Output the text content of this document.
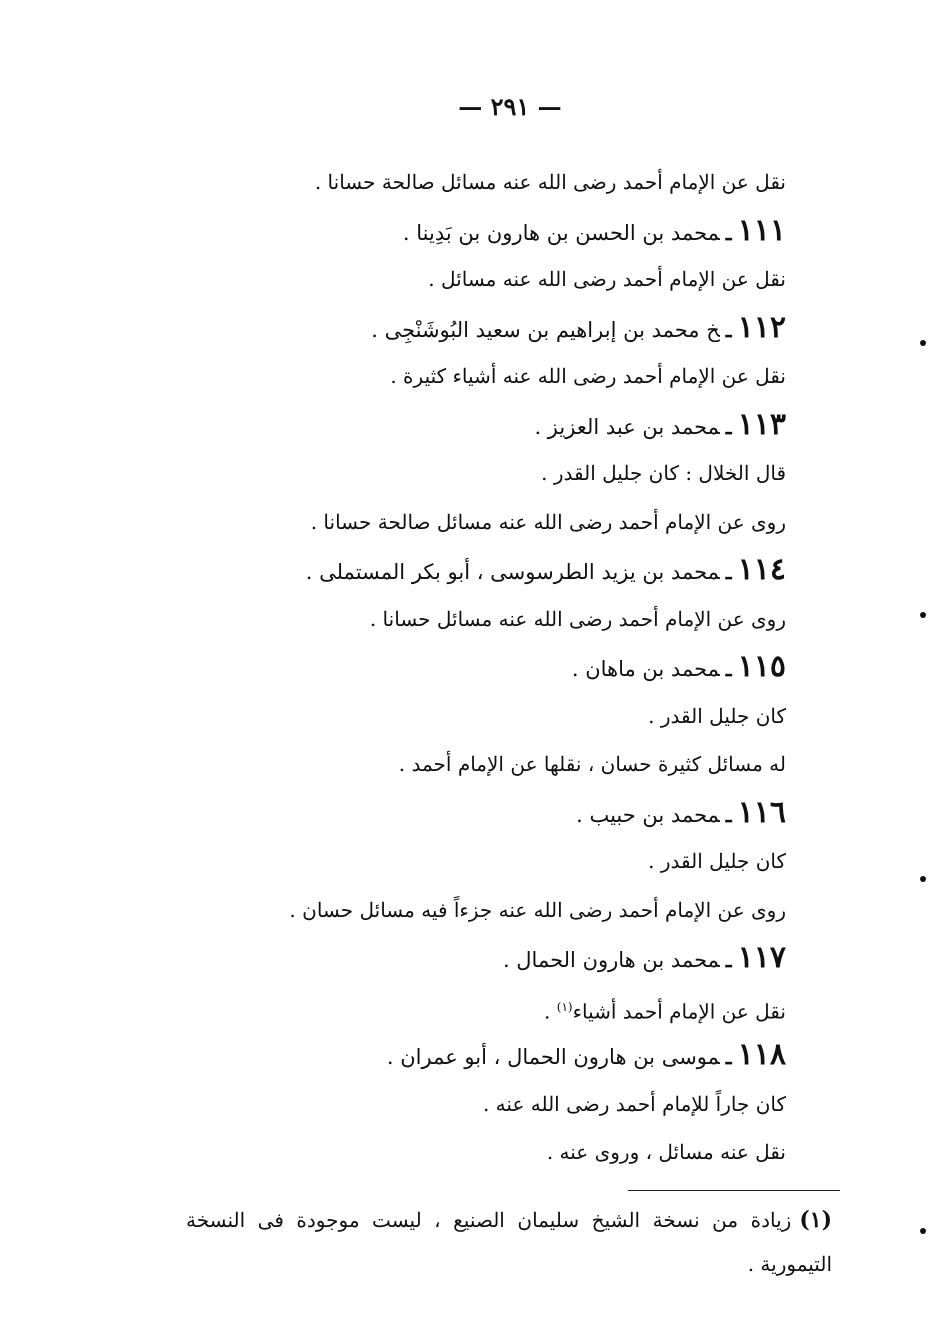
— ٢٩١ —
نقل عن الإمام أحمد رضى الله عنه مسائل صالحة حسانا .
١١١ـمحمد بن الحسن بن هارون بن بَدِينا .
نقل عن الإمام أحمد رضى الله عنه مسائل .
١١٢ـخ محمد بن إبراهيم بن سعيد البُوشَنْجِى .
نقل عن الإمام أحمد رضى الله عنه أشياء كثيرة .
١١٣ـمحمد بن عبد العزيز .
قال الخلال : كان جليل القدر .
روى عن الإمام أحمد رضى الله عنه مسائل صالحة حسانا .
١١٤ـمحمد بن يزيد الطرسوسى ، أبو بكر المستملى .
روى عن الإمام أحمد رضى الله عنه مسائل حسانا .
١١٥ـمحمد بن ماهان .
كان جليل القدر .
له مسائل كثيرة حسان ، نقلها عن الإمام أحمد .
١١٦ـمحمد بن حبيب .
كان جليل القدر .
روى عن الإمام أحمد رضى الله عنه جزءاً فيه مسائل حسان .
١١٧ـمحمد بن هارون الحمال .
نقل عن الإمام أحمد أشياء$^{(١)}$ .
١١٨ـموسى بن هارون الحمال ، أبو عمران .
كان جاراً للإمام أحمد رضى الله عنه .
نقل عنه مسائل ، وروى عنه .
(١)زيادة من نسخة الشيخ سليمان الصنيع ، ليست موجودة فى النسخة التيمورية .
